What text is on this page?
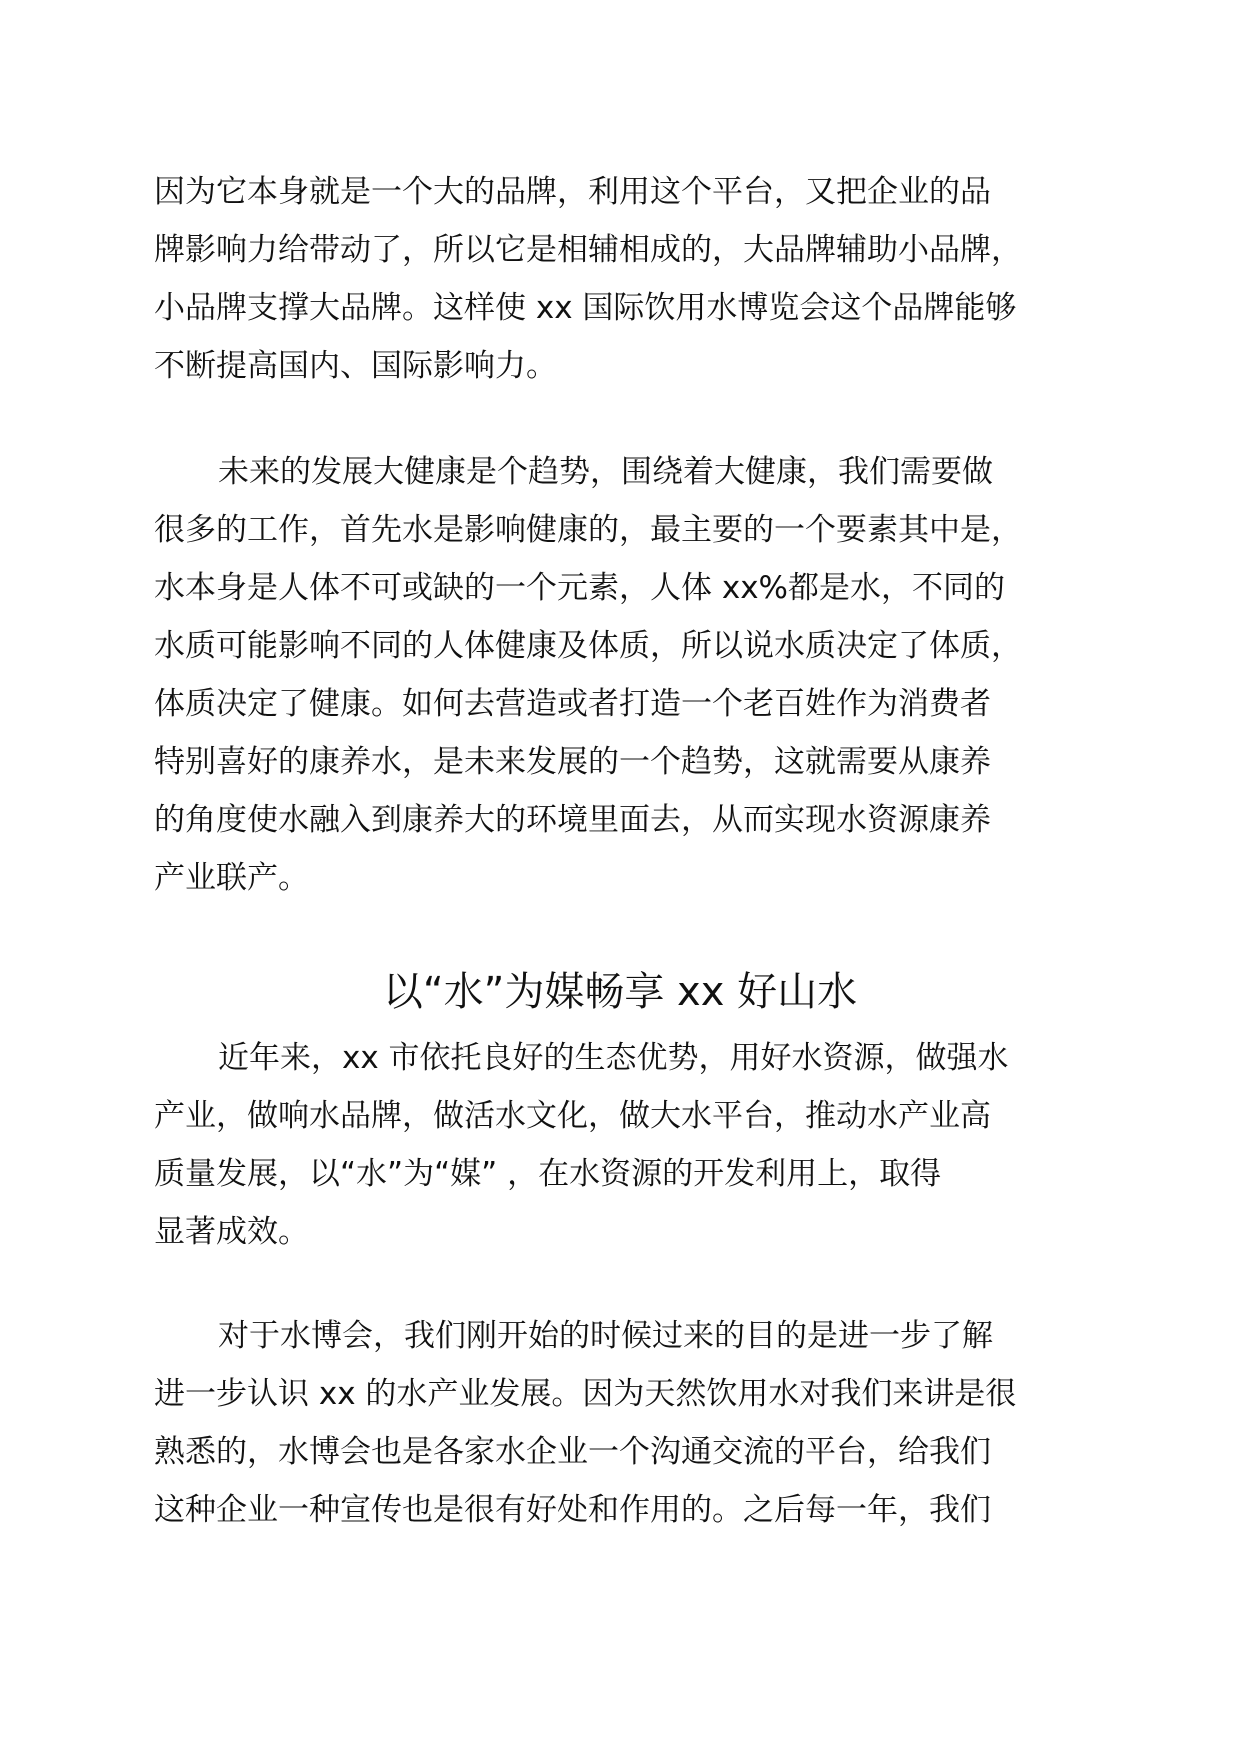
因为它本身就是一个大的品牌，利用这个平台，又把企业的品
牌影响力给带动了，所以它是相辅相成的，大品牌辅助小品牌，
小品牌支撑大品牌。这样使 xx 国际饮用水博览会这个品牌能够
不断提高国内、国际影响力。
未来的发展大健康是个趋势，围绕着大健康，我们需要做
很多的工作，首先水是影响健康的，最主要的一个要素其中是，
水本身是人体不可或缺的一个元素，人体 xx%都是水，不同的
水质可能影响不同的人体健康及体质，所以说水质决定了体质，
体质决定了健康。如何去营造或者打造一个老百姓作为消费者
特别喜好的康养水，是未来发展的一个趋势，这就需要从康养
的角度使水融入到康养大的环境里面去，从而实现水资源康养
产业联产。
以“水”为媒畅享 xx 好山水
近年来，xx 市依托良好的生态优势，用好水资源，做强水
产业，做响水品牌，做活水文化，做大水平台，推动水产业高
质量发展，以“水”为“媒” ，在水资源的开发利用上，取得
显著成效。
对于水博会，我们刚开始的时候过来的目的是进一步了解
进一步认识 xx 的水产业发展。因为天然饮用水对我们来讲是很
熟悉的，水博会也是各家水企业一个沟通交流的平台，给我们
这种企业一种宣传也是很有好处和作用的。之后每一年，我们
